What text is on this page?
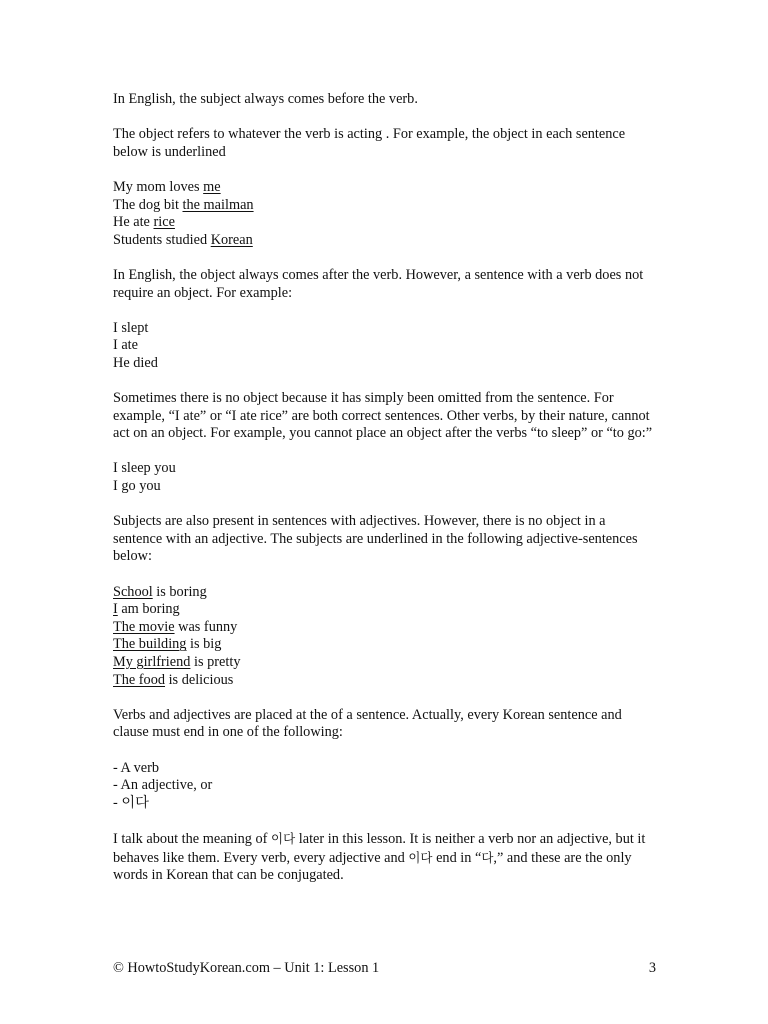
In English, the subject always comes before the verb.

The object refers to whatever the verb is acting . For example, the object in each sentence below is underlined

My mom loves me
The dog bit the mailman
He ate rice
Students studied Korean

In English, the object always comes after the verb. However, a sentence with a verb does not require an object. For example:

I slept
I ate
He died

Sometimes there is no object because it has simply been omitted from the sentence. For example, “I ate” or “I ate rice” are both correct sentences. Other verbs, by their nature, cannot act on an object. For example, you cannot place an object after the verbs “to sleep” or “to go:”

I sleep you
I go you

Subjects are also present in sentences with adjectives. However, there is no object in a sentence with an adjective. The subjects are underlined in the following adjective-sentences below:

School is boring
I am boring
The movie was funny
The building is big
My girlfriend is pretty
The food is delicious

Verbs and adjectives are placed at the of a sentence. Actually, every Korean sentence and clause must end in one of the following:

- A verb
- An adjective, or
- 이다

I talk about the meaning of 이다 later in this lesson. It is neither a verb nor an adjective, but it behaves like them. Every verb, every adjective and 이다 end in “다,” and these are the only words in Korean that can be conjugated.

© HowtoStudyKorean.com – Unit 1: Lesson 1	3
